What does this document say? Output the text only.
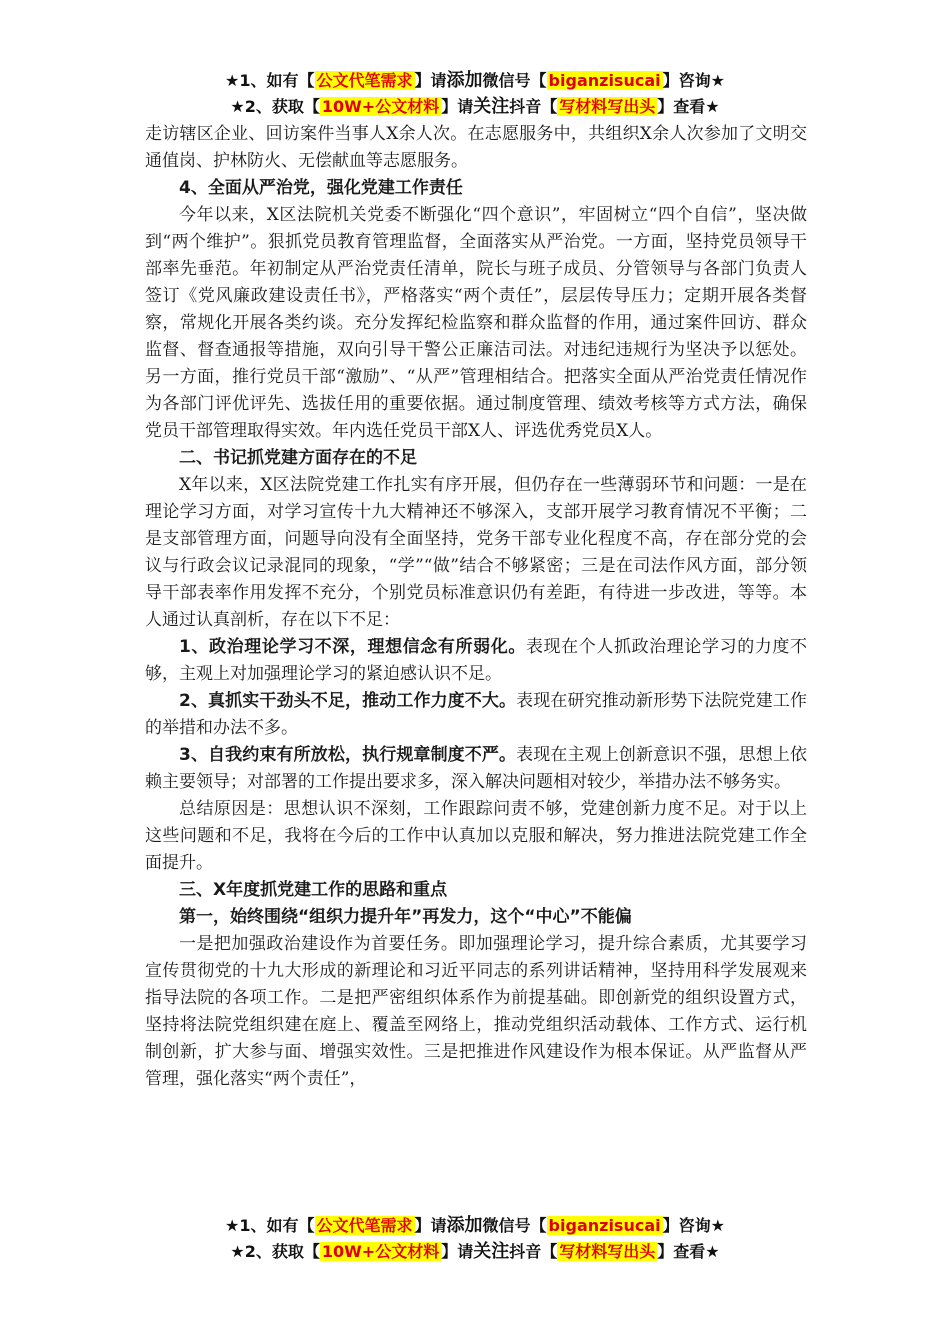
★1、如有【 公文代笔需求 】请添加微信号【 biganzisucai 】咨询★
★2、获取【 10W+公文材料 】请关注抖音【 写材料写出头 】查看★

走访辖区企业、回访案件当事人X余人次。在志愿服务中，共组织X余人次参加了文明交通值岗、护林防火、无偿献血等志愿服务。

4、全面从严治党，强化党建工作责任

今年以来，X区法院机关党委不断强化“四个意识”，牢固树立“四个自信”，坚决做到“两个维护”。狠抓党员教育管理监督，全面落实从严治党。一方面，坚持党员领导干部率先垂范。年初制定从严治党责任清单，院长与班子成员、分管领导与各部门负责人签订《党风廉政建设责任书》，严格落实“两个责任”，层层传导压力；定期开展各类督察，常规化开展各类约谈。充分发挥纪检监察和群众监督的作用，通过案件回访、群众监督、督查通报等措施，双向引导干警公正廉洁司法。对违纪违规行为坚决予以惩处。另一方面，推行党员干部“激励”、“从严”管理相结合。把落实全面从严治党责任情况作为各部门评优评先、选拔任用的重要依据。通过制度管理、绩效考核等方式方法，确保党员干部管理取得实效。年内选任党员干部X人、评选优秀党员X人。

二、书记抓党建方面存在的不足

X年以来，X区法院党建工作扎实有序开展，但仍存在一些薄弱环节和问题：一是在理论学习方面，对学习宣传十九大精神还不够深入，支部开展学习教育情况不平衡；二是支部管理方面，问题导向没有全面坚持，党务干部专业化程度不高，存在部分党的会议与行政会议记录混同的现象，“学”“做”结合不够紧密；三是在司法作风方面，部分领导干部表率作用发挥不充分，个别党员标准意识仍有差距，有待进一步改进，等等。本人通过认真剖析，存在以下不足：

1、政治理论学习不深，理想信念有所弱化。表现在个人抓政治理论学习的力度不够，主观上对加强理论学习的紧迫感认识不足。

2、真抓实干劲头不足，推动工作力度不大。表现在研究推动新形势下法院党建工作的举措和办法不多。

3、自我约束有所放松，执行规章制度不严。表现在主观上创新意识不强，思想上依赖主要领导；对部署的工作提出要求多，深入解决问题相对较少，举措办法不够务实。

总结原因是：思想认识不深刻，工作跟踪问责不够，党建创新力度不足。对于以上这些问题和不足，我将在今后的工作中认真加以克服和解决，努力推进法院党建工作全面提升。

三、X年度抓党建工作的思路和重点

第一，始终围绕“组织力提升年”再发力，这个“中心”不能偏

一是把加强政治建设作为首要任务。即加强理论学习，提升综合素质，尤其要学习宣传贯彻党的十九大形成的新理论和习近平同志的系列讲话精神，坚持用科学发展观来指导法院的各项工作。二是把严密组织体系作为前提基础。即创新党的组织设置方式，坚持将法院党组织建在庭上、覆盖至网络上，推动党组织活动载体、工作方式、运行机制创新，扩大参与面、增强实效性。三是把推进作风建设作为根本保证。从严监督从严管理，强化落实“两个责任”，

★1、如有【 公文代笔需求 】请添加微信号【 biganzisucai 】咨询★
★2、获取【 10W+公文材料 】请关注抖音【 写材料写出头 】查看★
